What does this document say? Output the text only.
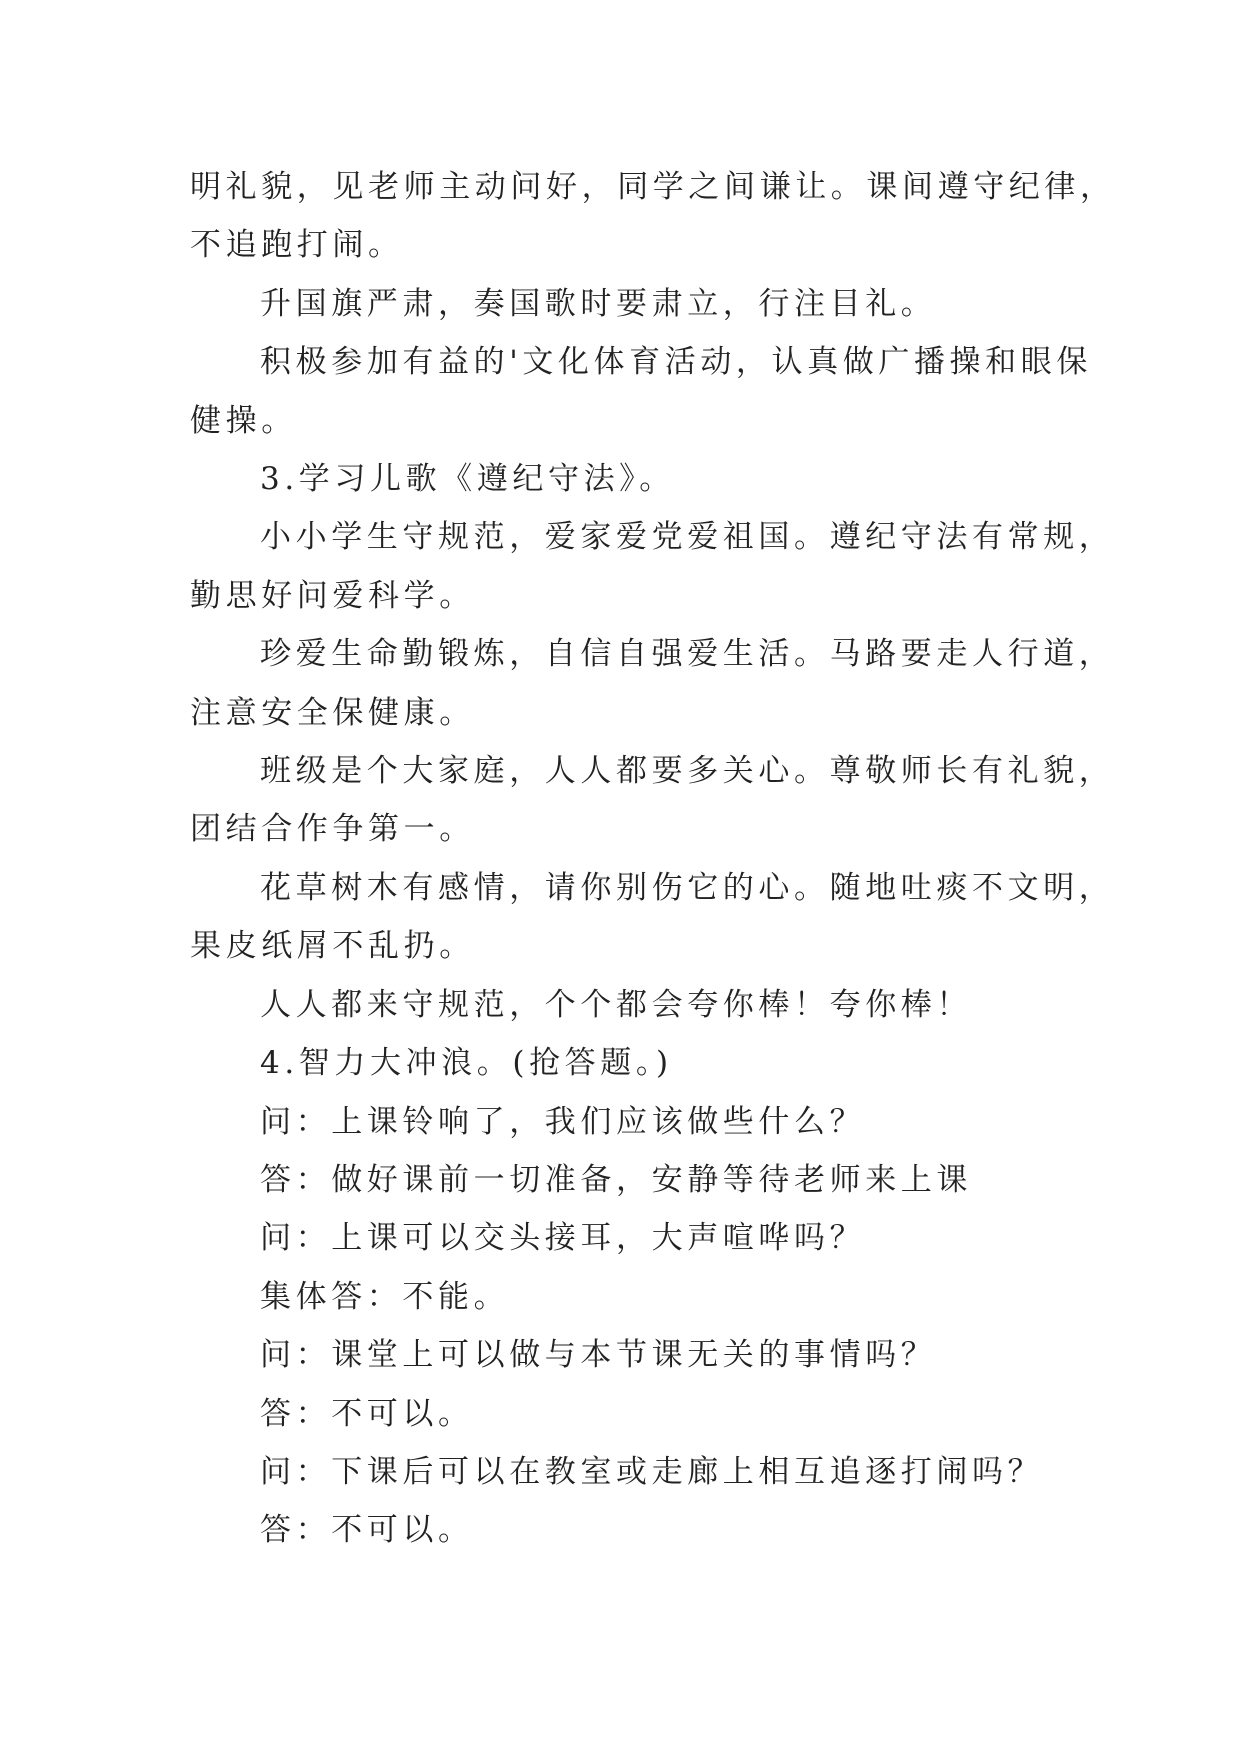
明礼貌，见老师主动问好，同学之间谦让。课间遵守纪律，
不追跑打闹。

升国旗严肃，奏国歌时要肃立，行注目礼。

积极参加有益的'文化体育活动，认真做广播操和眼保
健操。

3.学习儿歌《遵纪守法》。

小小学生守规范，爱家爱党爱祖国。遵纪守法有常规，
勤思好问爱科学。

珍爱生命勤锻炼，自信自强爱生活。马路要走人行道，
注意安全保健康。

班级是个大家庭，人人都要多关心。尊敬师长有礼貌，
团结合作争第一。

花草树木有感情，请你别伤它的心。随地吐痰不文明，
果皮纸屑不乱扔。

人人都来守规范，个个都会夸你棒！夸你棒！

4.智力大冲浪。(抢答题。)

问：上课铃响了，我们应该做些什么？

答：做好课前一切准备，安静等待老师来上课

问：上课可以交头接耳，大声喧哗吗？

集体答：不能。

问：课堂上可以做与本节课无关的事情吗？

答：不可以。

问：下课后可以在教室或走廊上相互追逐打闹吗？

答：不可以。
